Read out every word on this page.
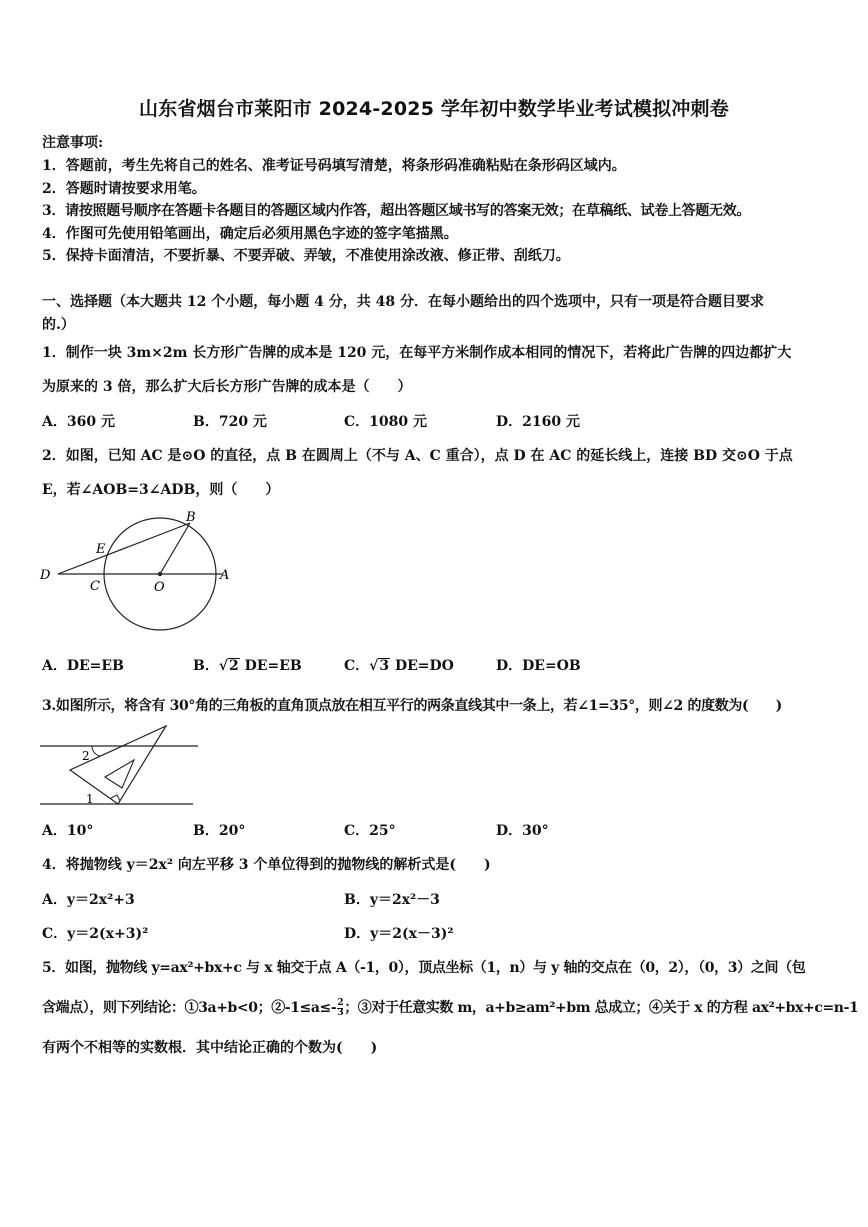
山东省烟台市莱阳市 2024-2025 学年初中数学毕业考试模拟冲刺卷
注意事项:
1．答题前，考生先将自己的姓名、准考证号码填写清楚，将条形码准确粘贴在条形码区域内。
2．答题时请按要求用笔。
3．请按照题号顺序在答题卡各题目的答题区域内作答，超出答题区域书写的答案无效；在草稿纸、试卷上答题无效。
4．作图可先使用铅笔画出，确定后必须用黑色字迹的签字笔描黑。
5．保持卡面清洁，不要折暴、不要弄破、弄皱，不准使用涂改液、修正带、刮纸刀。
一、选择题（本大题共 12 个小题，每小题 4 分，共 48 分．在每小题给出的四个选项中，只有一项是符合题目要求
的.）
1．制作一块 3m×2m 长方形广告牌的成本是 120 元，在每平方米制作成本相同的情况下，若将此广告牌的四边都扩大
为原来的 3 倍，那么扩大后长方形广告牌的成本是（　　）
A．360 元	B．720 元	C．1080 元	D．2160 元
2．如图，已知 AC 是⊙O 的直径，点 B 在圆周上（不与 A、C 重合），点 D 在 AC 的延长线上，连接 BD 交⊙O 于点
E，若∠AOB=3∠ADB，则（　　）
B
E
D
C	O
A
A．DE=EB	B．√2 DE=EB	C．√3 DE=DO	D．DE=OB
3.如图所示，将含有 30°角的三角板的直角顶点放在相互平行的两条直线其中一条上，若∠1=35°，则∠2 的度数为(　　)
2
1
A．10°	B．20°	C．25°	D．30°
4．将抛物线 y＝2x² 向左平移 3 个单位得到的抛物线的解析式是(　　)
A．y＝2x²+3	B．y＝2x²－3
C．y＝2(x+3)²	D．y＝2(x－3)²
5．如图，抛物线 y=ax²+bx+c 与 x 轴交于点 A（-1，0），顶点坐标（1，n）与 y 轴的交点在（0，2），（0，3）之间（包
含端点），则下列结论：①3a+b<0；②-1≤a≤- $\frac{2}{3}$ ；③对于任意实数 m，a+b≥am²+bm 总成立；④关于 x 的方程 ax²+bx+c=n-1
有两个不相等的实数根．其中结论正确的个数为(　　)
